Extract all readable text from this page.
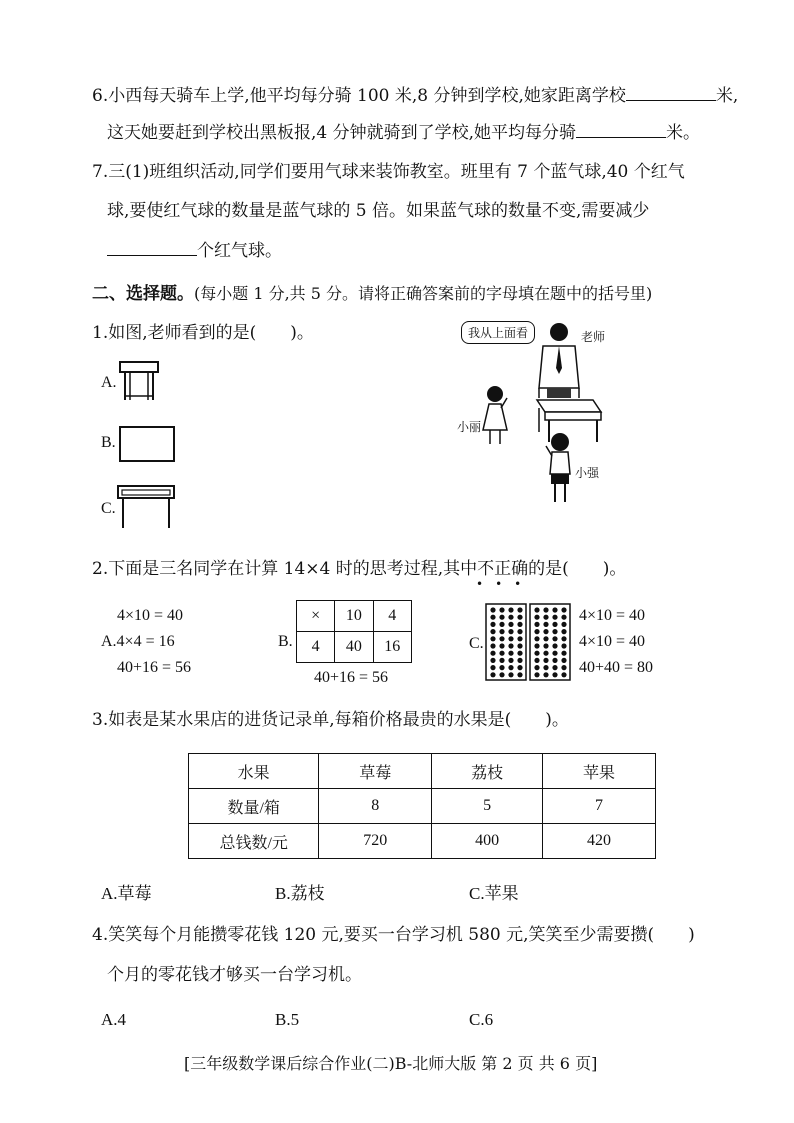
6.小西每天骑车上学,他平均每分骑 100 米,8 分钟到学校,她家距离学校	米,
这天她要赶到学校出黑板报,4 分钟就骑到了学校,她平均每分骑	米。
7.三(1)班组织活动,同学们要用气球来装饰教室。班里有 7 个蓝气球,40 个红气
球,要使红气球的数量是蓝气球的 5 倍。如果蓝气球的数量不变,需要减少
个红气球。
二、选择题。(每小题 1 分,共 5 分。请将正确答案前的字母填在题中的括号里)
1.如图,老师看到的是( )。
A.
B.
C.
我从上面看	老师
小丽
小强
2.下面是三名同学在计算 14×4 时的思考过程,其中不正确的是( )。
•••
4×10 = 40
A.4×4 = 16
40+16 = 56
B.
×	10	4
4	40	16
40+16 = 56
C.
4×10 = 40
4×10 = 40
40+40 = 80
3.如表是某水果店的进货记录单,每箱价格最贵的水果是( )。
水果	草莓	荔枝	苹果
数量/箱	8	5	7
总钱数/元	720	400	420
A.草莓	B.荔枝	C.苹果
4.笑笑每个月能攒零花钱 120 元,要买一台学习机 580 元,笑笑至少需要攒( )
个月的零花钱才够买一台学习机。
A.4	B.5	C.6
[三年级数学课后综合作业(二)B-北师大版 第 2 页 共 6 页]
